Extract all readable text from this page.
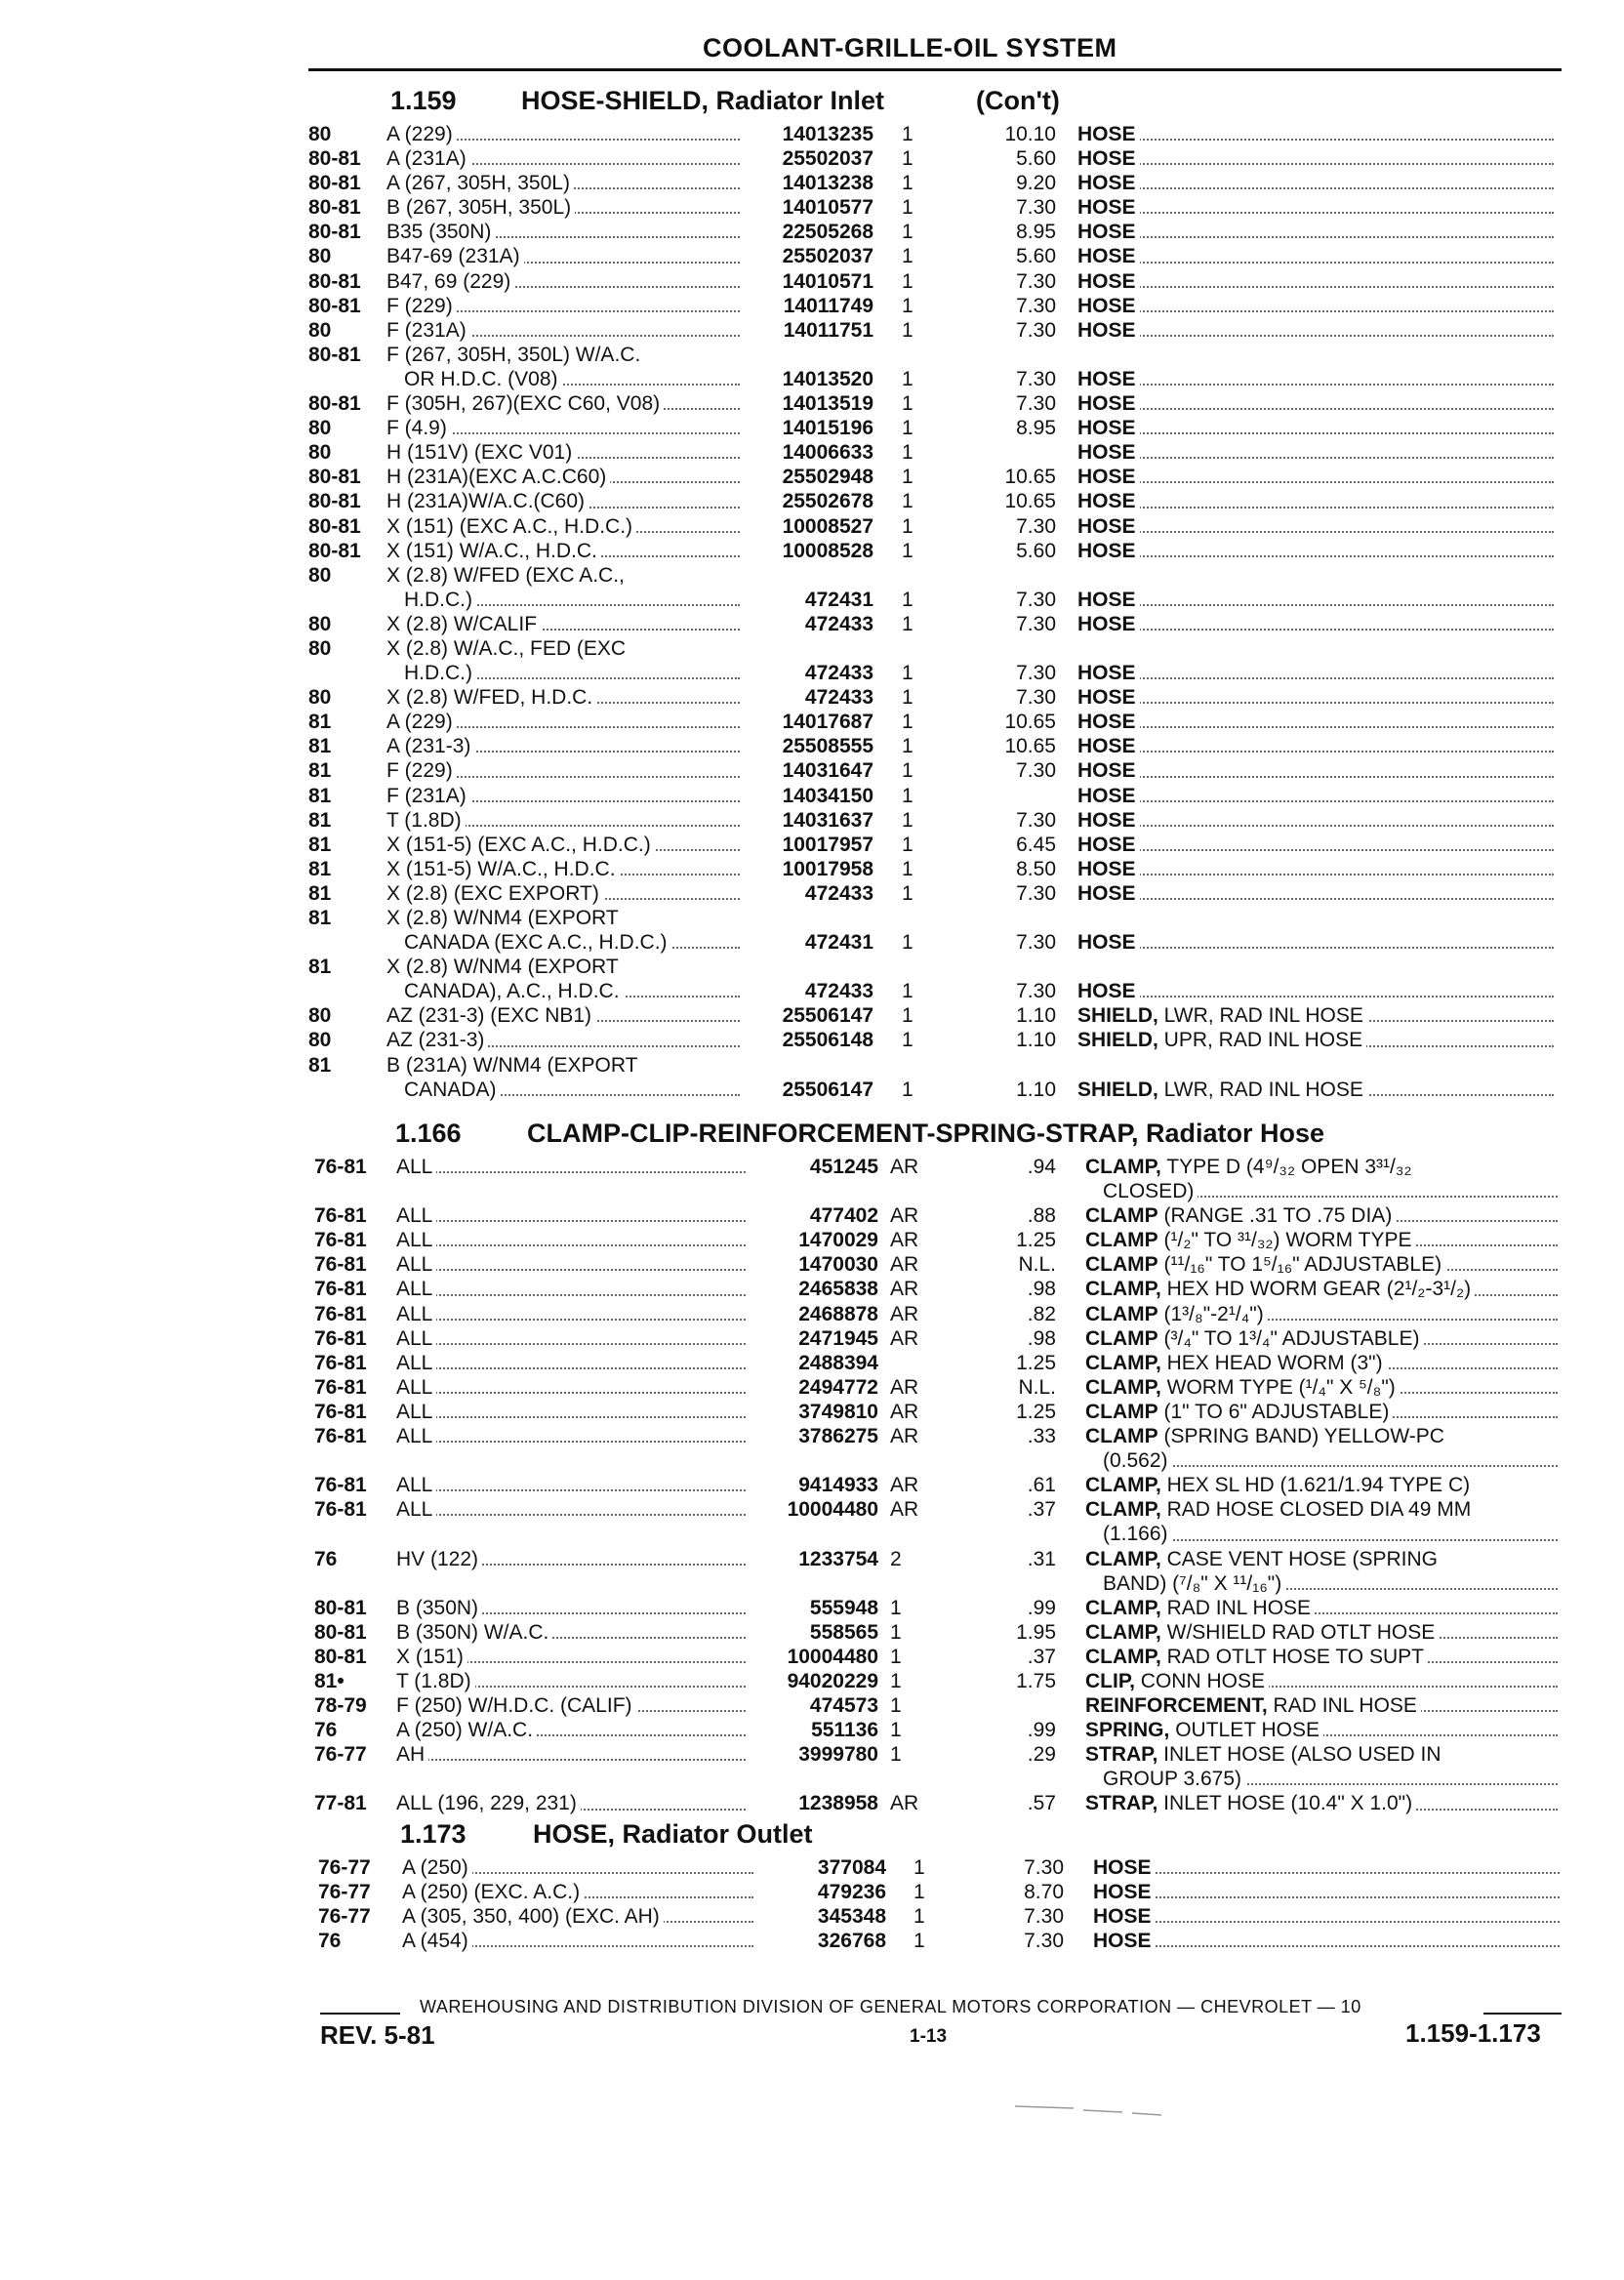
COOLANT-GRILLE-OIL SYSTEM
1.159 HOSE-SHIELD, Radiator Inlet	(Con't)
80	A (229)	14013235 1	10.10 HOSE
80-81 A (231A)	25502037 1	5.60 HOSE
80-81 A (267, 305H, 350L)	14013238 1	9.20 HOSE
80-81 B (267, 305H, 350L)	14010577 1	7.30 HOSE
80-81 B35 (350N)	22505268 1	8.95 HOSE
80	B47-69 (231A)	25502037 1	5.60 HOSE
80-81 B47, 69 (229)	14010571 1	7.30 HOSE
80-81 F (229)	14011749 1	7.30 HOSE
80	F (231A)	14011751 1	7.30 HOSE
80-81 F (267, 305H, 350L) W/A.C.
OR H.D.C. (V08)	14013520 1	7.30 HOSE
80-81 F (305H, 267)(EXC C60, V08)	14013519 1	7.30 HOSE
80	F (4.9)	14015196 1	8.95 HOSE
80	H (151V) (EXC V01)	14006633 1	HOSE
80-81 H (231A)(EXC A.C.C60)	25502948 1	10.65 HOSE
80-81 H (231A)W/A.C.(C60)	25502678 1	10.65 HOSE
80-81 X (151) (EXC A.C., H.D.C.)	10008527 1	7.30 HOSE
80-81 X (151) W/A.C., H.D.C.	10008528 1	5.60 HOSE
80	X (2.8) W/FED (EXC A.C.,
H.D.C.)	472431 1	7.30 HOSE
80	X (2.8) W/CALIF	472433 1	7.30 HOSE
80	X (2.8) W/A.C., FED (EXC
H.D.C.)	472433 1	7.30 HOSE
80	X (2.8) W/FED, H.D.C.	472433 1	7.30 HOSE
81	A (229)	14017687 1	10.65 HOSE
81	A (231-3)	25508555 1	10.65 HOSE
81	F (229)	14031647 1	7.30 HOSE
81	F (231A)	14034150 1	HOSE
81	T (1.8D)	14031637 1	7.30 HOSE
81	X (151-5) (EXC A.C., H.D.C.)	10017957 1	6.45 HOSE
81	X (151-5) W/A.C., H.D.C.	10017958 1	8.50 HOSE
81	X (2.8) (EXC EXPORT)	472433 1	7.30 HOSE
81	X (2.8) W/NM4 (EXPORT
CANADA (EXC A.C., H.D.C.)	472431 1	7.30 HOSE
81	X (2.8) W/NM4 (EXPORT
CANADA), A.C., H.D.C.	472433 1	7.30 HOSE
80	AZ (231-3) (EXC NB1)	25506147 1	1.10 SHIELD, LWR, RAD INL HOSE
80	AZ (231-3)	25506148 1	1.10 SHIELD, UPR, RAD INL HOSE
81	B (231A) W/NM4 (EXPORT
CANADA)	25506147 1	1.10 SHIELD, LWR, RAD INL HOSE
1.166 CLAMP-CLIP-REINFORCEMENT-SPRING-STRAP, Radiator Hose
76-81 ALL	451245 AR	.94 CLAMP, TYPE D (4⁹/₃₂ OPEN 3³¹/₃₂
CLOSED)
76-81 ALL	477402 AR	.88 CLAMP (RANGE .31 TO .75 DIA)
76-81 ALL	1470029 AR	1.25 CLAMP (¹/₂" TO ³¹/₃₂) WORM TYPE
76-81 ALL	1470030 AR	N.L. CLAMP (¹¹/₁₆" TO 1⁵/₁₆" ADJUSTABLE)
76-81 ALL	2465838 AR	.98 CLAMP, HEX HD WORM GEAR (2¹/₂-3¹/₂)
76-81 ALL	2468878 AR	.82 CLAMP (1³/₈"-2¹/₄")
76-81 ALL	2471945 AR	.98 CLAMP (³/₄" TO 1³/₄" ADJUSTABLE)
76-81 ALL	2488394	1.25 CLAMP, HEX HEAD WORM (3")
76-81 ALL	2494772 AR	N.L. CLAMP, WORM TYPE (¹/₄" X ⁵/₈")
76-81 ALL	3749810 AR	1.25 CLAMP (1" TO 6" ADJUSTABLE)
76-81 ALL	3786275 AR	.33 CLAMP (SPRING BAND) YELLOW-PC
(0.562)
76-81 ALL	9414933 AR	.61 CLAMP, HEX SL HD (1.621/1.94 TYPE C)
76-81 ALL	10004480 AR	.37 CLAMP, RAD HOSE CLOSED DIA 49 MM
(1.166)
76	HV (122)	1233754 2	.31 CLAMP, CASE VENT HOSE (SPRING
BAND) (⁷/₈" X ¹¹/₁₆")
80-81 B (350N)	555948 1	.99 CLAMP, RAD INL HOSE
80-81 B (350N) W/A.C.	558565 1	1.95 CLAMP, W/SHIELD RAD OTLT HOSE
80-81 X (151)	10004480 1	.37 CLAMP, RAD OTLT HOSE TO SUPT
81•	T (1.8D)	94020229 1	1.75 CLIP, CONN HOSE
78-79 F (250) W/H.D.C. (CALIF)	474573 1	REINFORCEMENT, RAD INL HOSE
76	A (250) W/A.C.	551136 1	.99 SPRING, OUTLET HOSE
76-77 AH	3999780 1	.29 STRAP, INLET HOSE (ALSO USED IN
GROUP 3.675)
77-81 ALL (196, 229, 231)	1238958 AR	.57 STRAP, INLET HOSE (10.4" X 1.0")
1.173	HOSE, Radiator Outlet
76-77 A (250)	377084 1	7.30 HOSE
76-77 A (250) (EXC. A.C.)	479236 1	8.70 HOSE
76-77 A (305, 350, 400) (EXC. AH)	345348 1	7.30 HOSE
76	A (454)	326768 1	7.30 HOSE
WAREHOUSING AND DISTRIBUTION DIVISION OF GENERAL MOTORS CORPORATION — CHEVROLET — 10
REV. 5-81	1-13	1.159-1.173
